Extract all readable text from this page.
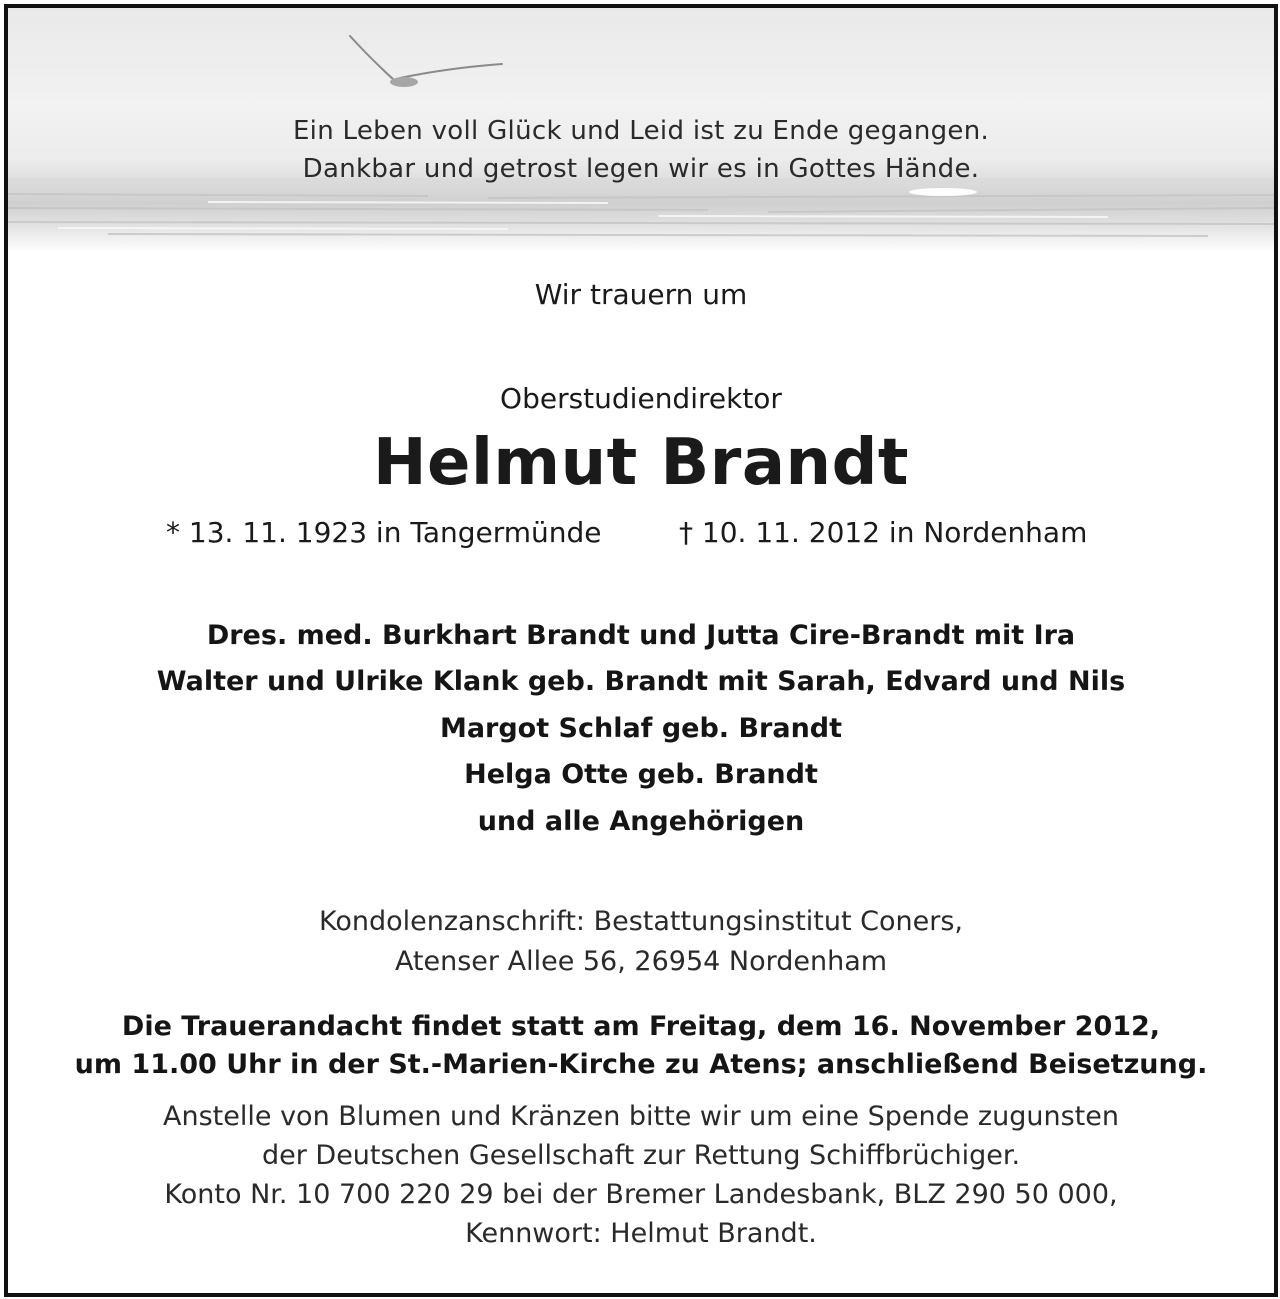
Ein Leben voll Glück und Leid ist zu Ende gegangen.
Dankbar und getrost legen wir es in Gottes Hände.
Wir trauern um
Oberstudiendirektor
Helmut Brandt
* 13. 11. 1923 in Tangermünde	† 10. 11. 2012 in Nordenham
Dres. med. Burkhart Brandt und Jutta Cire-Brandt mit Ira
Walter und Ulrike Klank geb. Brandt mit Sarah, Edvard und Nils
Margot Schlaf geb. Brandt
Helga Otte geb. Brandt
und alle Angehörigen
Kondolenzanschrift: Bestattungsinstitut Coners,
Atenser Allee 56, 26954 Nordenham
Die Trauerandacht findet statt am Freitag, dem 16. November 2012,
um 11.00 Uhr in der St.-Marien-Kirche zu Atens; anschließend Beisetzung.
Anstelle von Blumen und Kränzen bitte wir um eine Spende zugunsten
der Deutschen Gesellschaft zur Rettung Schiffbrüchiger.
Konto Nr. 10 700 220 29 bei der Bremer Landesbank, BLZ 290 50 000,
Kennwort: Helmut Brandt.
